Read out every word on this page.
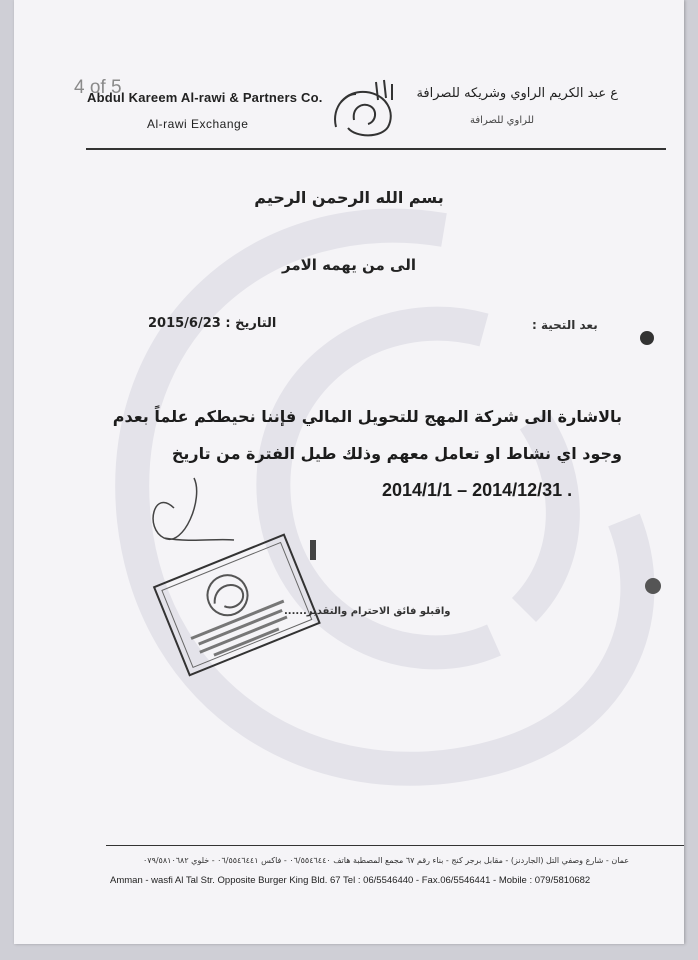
4 of 5
Abdul Kareem Al-rawi & Partners Co.
Al-rawi Exchange
ع عبد الكريم الراوي وشريكه للصرافة
للراوي للصرافة
بسم الله الرحمن الرحيم
الى من يهمه الامر
التاريخ : 2015/6/23	بعد التحية :
بالاشارة الى شركة المهج للتحويل المالي فإننا نحيطكم علماً بعدم
وجود اي نشاط او تعامل معهم وذلك طيل الفترة من تاريخ
2014/1/1 – 2014/12/31 .
واقبلو فائق الاحترام والتقدير......
عمان - شارع وصفي التل (الجاردنز) - مقابل برجر كنج - بناء رقم ٦٧ مجمع المصطبة هاتف ٠٦/٥٥٤٦٤٤٠ - فاكس ٠٦/٥٥٤٦٤٤١ - خلوي ٠٧٩/٥٨١٠٦٨٢
Amman - wasfi Al Tal Str. Opposite Burger King Bld. 67 Tel : 06/5546440 - Fax.06/5546441 - Mobile : 079/5810682
